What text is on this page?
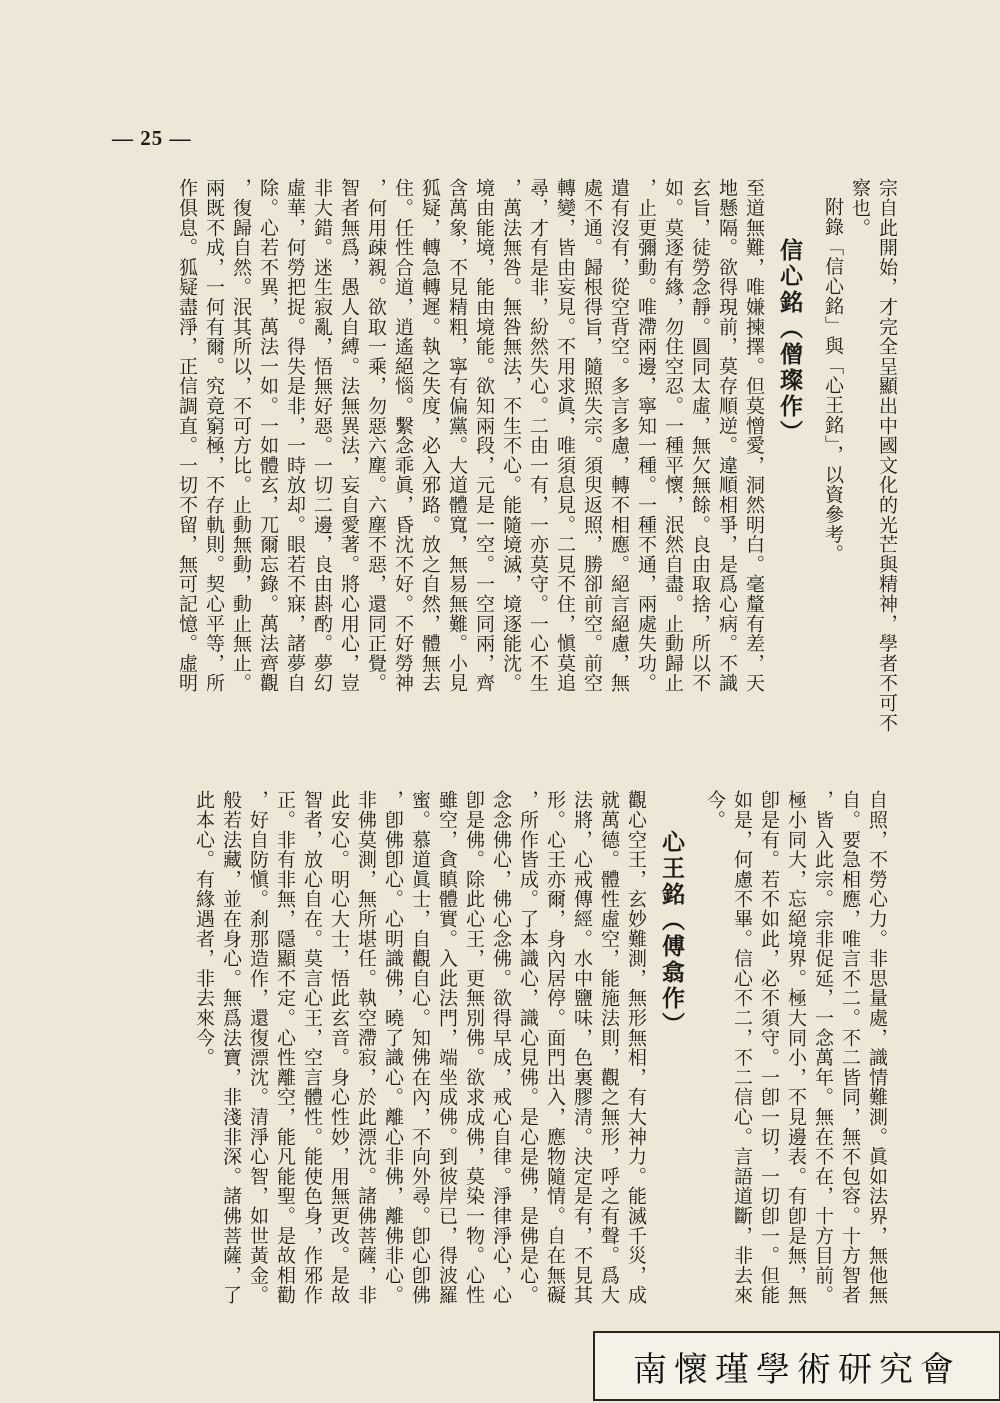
— 25 —
宗自此開始，才完全呈顯出中國文化的光芒與精神，學者不可不
察也。
附錄「信心銘」與「心王銘」，以資參考。
信心銘（僧璨作）
至道無難，唯嫌揀擇。但莫憎愛，洞然明白。毫釐有差，天
地懸隔。欲得現前，莫存順逆。違順相爭，是爲心病。不識
玄旨，徒勞念靜。圓同太虛，無欠無餘。良由取捨，所以不
如。莫逐有緣，勿住空忍。一種平懷，泯然自盡。止動歸止
，止更彌動。唯滯兩邊，寧知一種。一種不通，兩處失功。
遣有沒有，從空背空。多言多慮，轉不相應。絕言絕慮，無
處不通。歸根得旨，隨照失宗。須臾返照，勝卻前空。前空
轉變，皆由妄見。不用求眞，唯須息見。二見不住，愼莫追
尋，才有是非，紛然失心。二由一有，一亦莫守。一心不生
，萬法無咎。無咎無法，不生不心。能隨境滅，境逐能沈。
境由能境，能由境能。欲知兩段，元是一空。一空同兩，齊
含萬象，不見精粗，寧有偏黨。大道體寬，無易無難。小見
狐疑，轉急轉遲。執之失度，必入邪路。放之自然，體無去
住。任性合道，逍遙絕惱。繫念乖眞，昏沈不好。不好勞神
，何用疎親。欲取一乘，勿惡六塵。六塵不惡，還同正覺。
智者無爲，愚人自縛。法無異法，妄自愛著。將心用心，豈
非大錯。迷生寂亂，悟無好惡。一切二邊，良由斟酌。夢幻
虛華，何勞把捉。得失是非，一時放却。眼若不寐，諸夢自
除。心若不異，萬法一如。一如體玄，兀爾忘錄。萬法齊觀
，復歸自然。泯其所以，不可方比。止動無動，動止無止。
兩既不成，一何有爾。究竟窮極，不存軌則。契心平等，所
作俱息。狐疑盡淨，正信調直。一切不留，無可記憶。虛明
自照，不勞心力。非思量處，識情難測。眞如法界，無他無
自。要急相應，唯言不二。不二皆同，無不包容。十方智者
，皆入此宗。宗非促延，一念萬年。無在不在，十方目前。
極小同大，忘絕境界。極大同小，不見邊表。有卽是無，無
卽是有。若不如此，必不須守。一卽一切，一切卽一。但能
如是，何慮不畢。信心不二，不二信心。言語道斷，非去來
今。
心王銘（傅翕作）
觀心空王，玄妙難測，無形無相，有大神力。能滅千災，成
就萬德。體性虛空，能施法則，觀之無形，呼之有聲。爲大
法將，心戒傳經。水中鹽味，色裏膠清。決定是有，不見其
形。心王亦爾，身內居停。面門出入，應物隨情。自在無礙
，所作皆成。了本識心，識心見佛。是心是佛，是佛是心。
念念佛心，佛心念佛。欲得早成，戒心自律。淨律淨心，心
卽是佛。除此心王，更無別佛。欲求成佛，莫染一物。心性
雖空，貪瞋體實。入此法門，端坐成佛。到彼岸已，得波羅
蜜。慕道眞士，自觀自心。知佛在內，不向外尋。卽心卽佛
，卽佛卽心。心明識佛，曉了識心。離心非佛，離佛非心。
非佛莫測，無所堪任。執空滯寂，於此漂沈。諸佛菩薩，非
此安心。明心大士，悟此玄音。身心性妙，用無更改。是故
智者，放心自在。莫言心王，空言體性。能使色身，作邪作
正。非有非無，隱顯不定。心性離空，能凡能聖。是故相勸
，好自防愼。刹那造作，還復漂沈。清淨心智，如世黃金。
般若法藏，並在身心。無爲法寶，非淺非深。諸佛菩薩，了
此本心。有緣遇者，非去來今。
南懷瑾學術研究會
